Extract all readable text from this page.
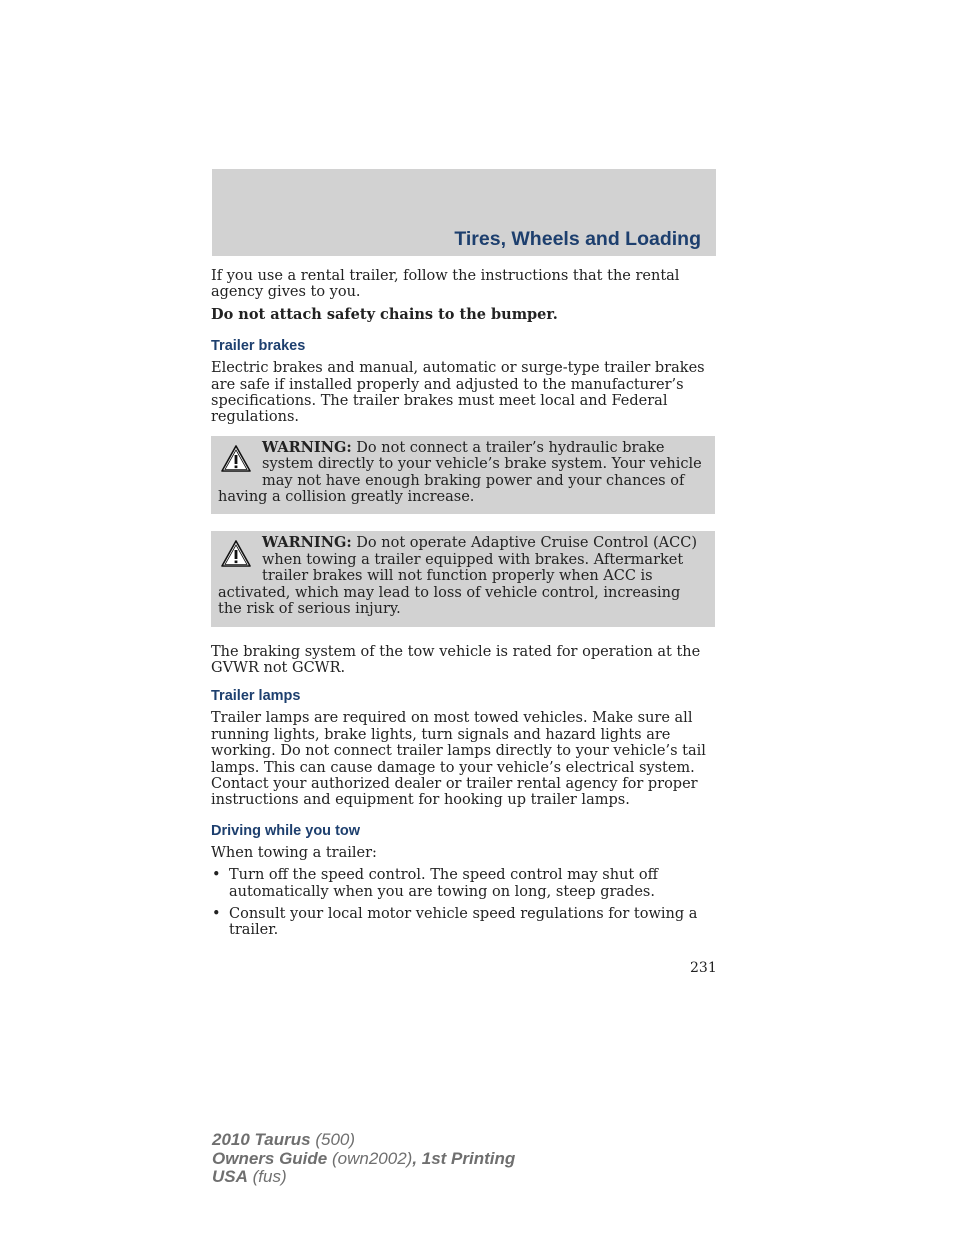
Tires, Wheels and Loading

If you use a rental trailer, follow the instructions that the rental agency gives to you.

Do not attach safety chains to the bumper.

Trailer brakes

Electric brakes and manual, automatic or surge-type trailer brakes are safe if installed properly and adjusted to the manufacturer’s specifications. The trailer brakes must meet local and Federal regulations.

WARNING: Do not connect a trailer’s hydraulic brake system directly to your vehicle’s brake system. Your vehicle may not have enough braking power and your chances of having a collision greatly increase.
WARNING: Do not operate Adaptive Cruise Control (ACC) when towing a trailer equipped with brakes. Aftermarket trailer brakes will not function properly when ACC is activated, which may lead to loss of vehicle control, increasing the risk of serious injury.

The braking system of the tow vehicle is rated for operation at the GVWR not GCWR.

Trailer lamps

Trailer lamps are required on most towed vehicles. Make sure all running lights, brake lights, turn signals and hazard lights are working. Do not connect trailer lamps directly to your vehicle’s tail lamps. This can cause damage to your vehicle’s electrical system. Contact your authorized dealer or trailer rental agency for proper instructions and equipment for hooking up trailer lamps.

Driving while you tow

When towing a trailer:

• Turn off the speed control. The speed control may shut off automatically when you are towing on long, steep grades.
• Consult your local motor vehicle speed regulations for towing a trailer.

231

2010 Taurus (500)
Owners Guide (own2002), 1st Printing
USA (fus)
